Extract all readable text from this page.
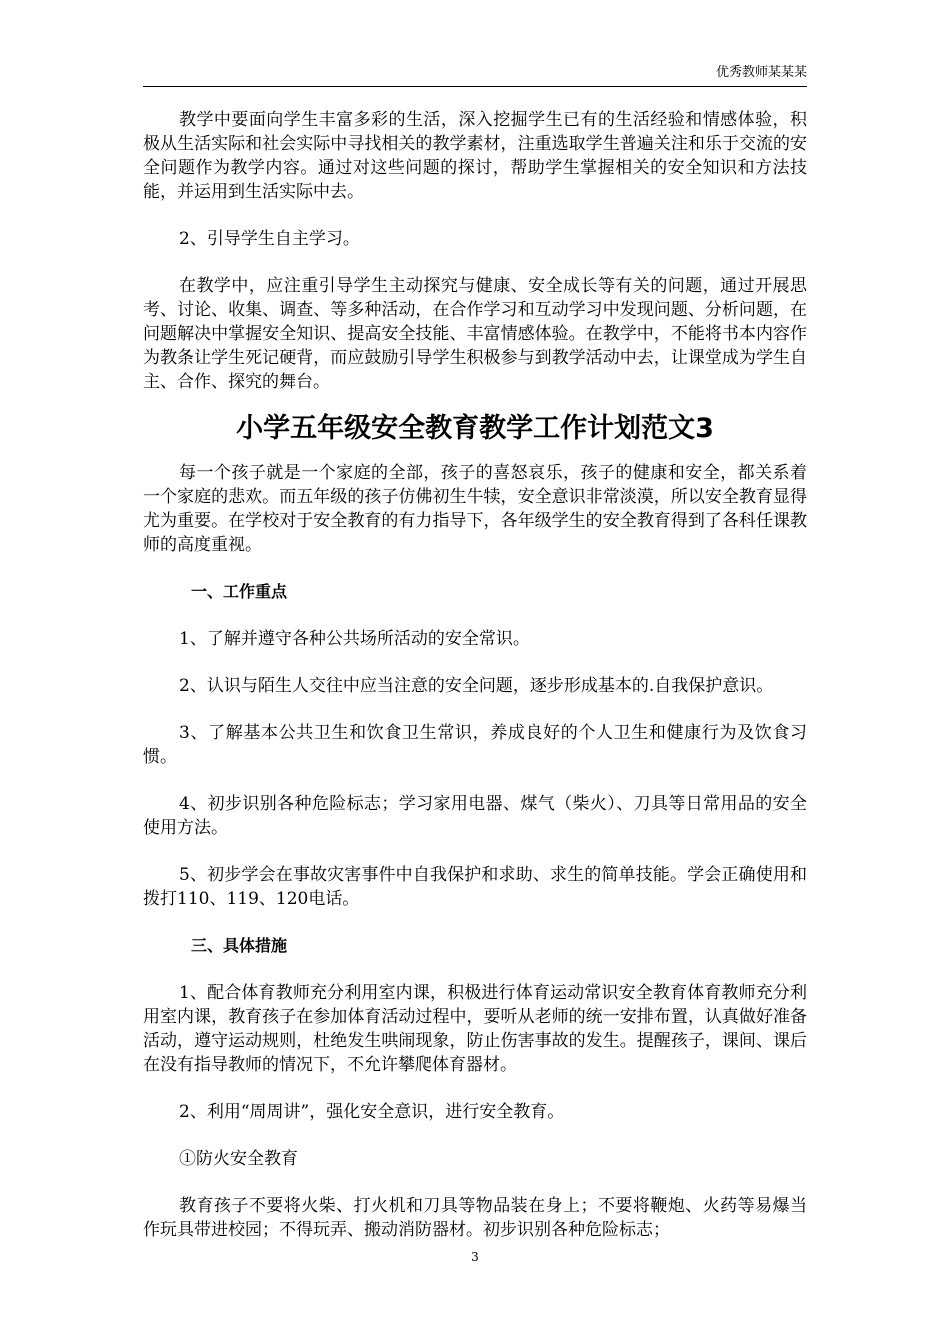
优秀教师某某某

教学中要面向学生丰富多彩的生活，深入挖掘学生已有的生活经验和情感体验，积极从生活实际和社会实际中寻找相关的教学素材，注重选取学生普遍关注和乐于交流的安全问题作为教学内容。通过对这些问题的探讨，帮助学生掌握相关的安全知识和方法技能，并运用到生活实际中去。

2、引导学生自主学习。

在教学中，应注重引导学生主动探究与健康、安全成长等有关的问题，通过开展思考、讨论、收集、调查、等多种活动，在合作学习和互动学习中发现问题、分析问题，在问题解决中掌握安全知识、提高安全技能、丰富情感体验。在教学中，不能将书本内容作为教条让学生死记硬背，而应鼓励引导学生积极参与到教学活动中去，让课堂成为学生自主、合作、探究的舞台。

小学五年级安全教育教学工作计划范文3

每一个孩子就是一个家庭的全部，孩子的喜怒哀乐，孩子的健康和安全，都关系着一个家庭的悲欢。而五年级的孩子仿佛初生牛犊，安全意识非常淡漠，所以安全教育显得尤为重要。在学校对于安全教育的有力指导下，各年级学生的安全教育得到了各科任课教师的高度重视。

一、工作重点

1、了解并遵守各种公共场所活动的安全常识。

2、认识与陌生人交往中应当注意的安全问题，逐步形成基本的.自我保护意识。

3、了解基本公共卫生和饮食卫生常识，养成良好的个人卫生和健康行为及饮食习惯。

4、初步识别各种危险标志；学习家用电器、煤气（柴火）、刀具等日常用品的安全使用方法。

5、初步学会在事故灾害事件中自我保护和求助、求生的简单技能。学会正确使用和拨打110、119、120电话。

三、具体措施

1、配合体育教师充分利用室内课，积极进行体育运动常识安全教育体育教师充分利用室内课，教育孩子在参加体育活动过程中，要听从老师的统一安排布置，认真做好准备活动，遵守运动规则，杜绝发生哄闹现象，防止伤害事故的发生。提醒孩子，课间、课后在没有指导教师的情况下，不允许攀爬体育器材。

2、利用“周周讲”，强化安全意识，进行安全教育。

①防火安全教育

教育孩子不要将火柴、打火机和刀具等物品装在身上；不要将鞭炮、火药等易爆当作玩具带进校园；不得玩弄、搬动消防器材。初步识别各种危险标志；

3
